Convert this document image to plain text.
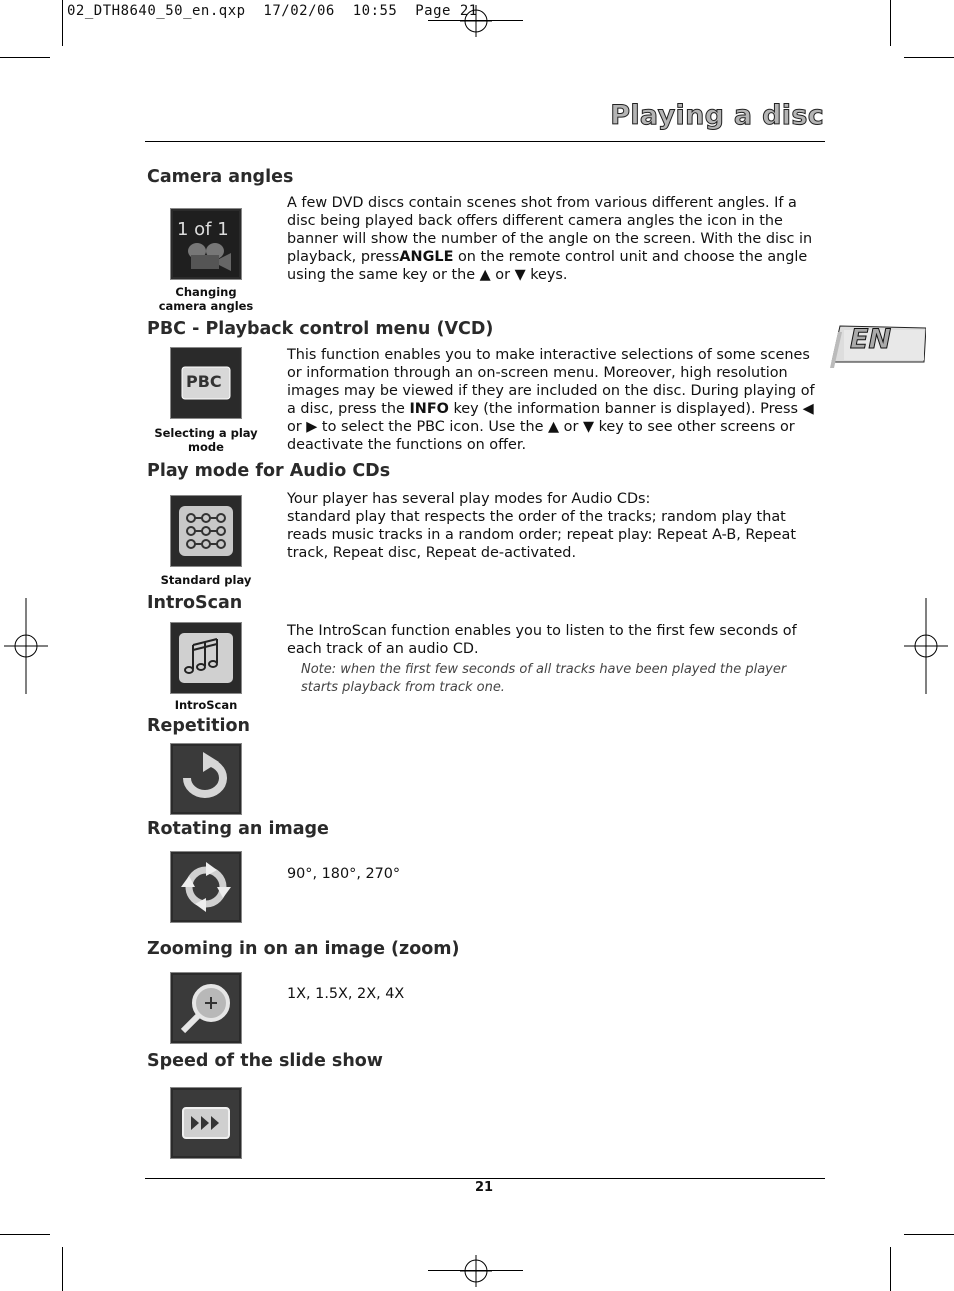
02_DTH8640_50_en.qxp  17/02/06  10:55  Page 21
Playing a disc
EN
Camera angles
1 of 1
Changing camera angles
A few DVD discs contain scenes shot from various different angles. If a disc being played back offers different camera angles the icon in the banner will show the number of the angle on the screen. With the disc in playback, pressANGLE on the remote control unit and choose the angle using the same key or the ▲ or ▼ keys.
PBC - Playback control menu (VCD)
PBC
Selecting a play mode
This function enables you to make interactive selections of some scenes or information through an on-screen menu. Moreover, high resolution images may be viewed if they are included on the disc. During playing of a disc, press the INFO key (the information banner is displayed). Press ◀ or ▶ to select the PBC icon. Use the ▲ or ▼ key to see other screens or deactivate the functions on offer.
Play mode for Audio CDs
Standard play
Your player has several play modes for Audio CDs:
standard play that respects the order of the tracks; random play that reads music tracks in a random order; repeat play: Repeat A-B, Repeat track, Repeat disc, Repeat de-activated.
IntroScan
IntroScan
The IntroScan function enables you to listen to the first few seconds of each track of an audio CD.
Note: when the first few seconds of all tracks have been played the player starts playback from track one.
Repetition
Rotating an image
90°, 180°, 270°
Zooming in on an image (zoom)
1X, 1.5X, 2X, 4X
Speed of the slide show
21
